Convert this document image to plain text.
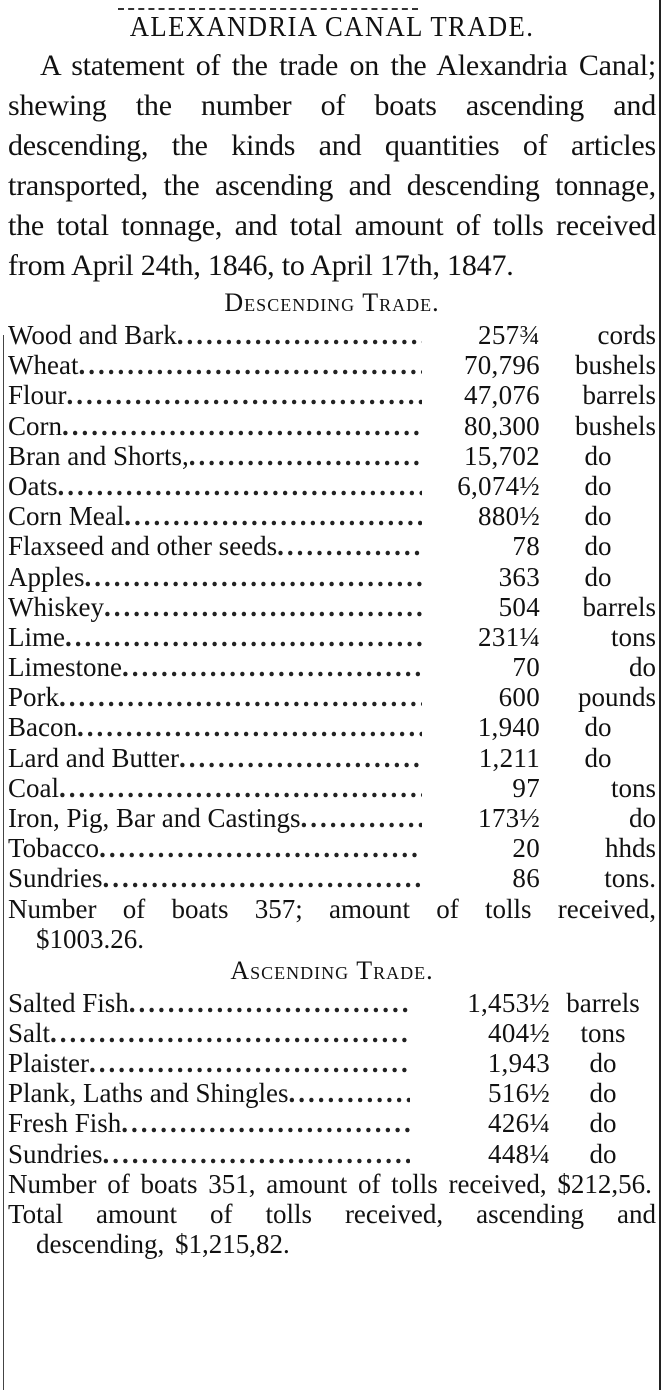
ALEXANDRIA CANAL TRADE.

A statement of the trade on the Alexandria Canal; shewing the number of boats ascending and descending, the kinds and quantities of articles transported, the ascending and descending tonnage, the total tonnage, and total amount of tolls received from April 24th, 1846, to April 17th, 1847.

Descending Trade.
Wood and Bark .....	257¾	cords
Wheat .....	70,796	bushels
Flour .....	47,076	barrels
Corn .....	80,300	bushels
Bran and Shorts, .....	15,702	do
Oats .....	6,074½	do
Corn Meal .....	880½	do
Flaxseed and other seeds .....	78	do
Apples .....	363	do
Whiskey .....	504	barrels
Lime .....	231¼	tons
Limestone .....	70	do
Pork .....	600	pounds
Bacon .....	1,940	do
Lard and Butter .....	1,211	do
Coal .....	97	tons
Iron, Pig, Bar and Castings .....	173½	do
Tobacco .....	20	hhds
Sundries .....	86	tons.

Number of boats 357; amount of tolls received, $1003.26.

Ascending Trade.
Salted Fish .....	1,453½ barrels
Salt .....	404½	tons
Plaister .....	1,943	do
Plank, Laths and Shingles .....	516½	do
Fresh Fish .....	426¼	do
Sundries .....	448¼	do

Number of boats 351, amount of tolls received, $212,56.

Total amount of tolls received, ascending and descending, $1,215,82.
